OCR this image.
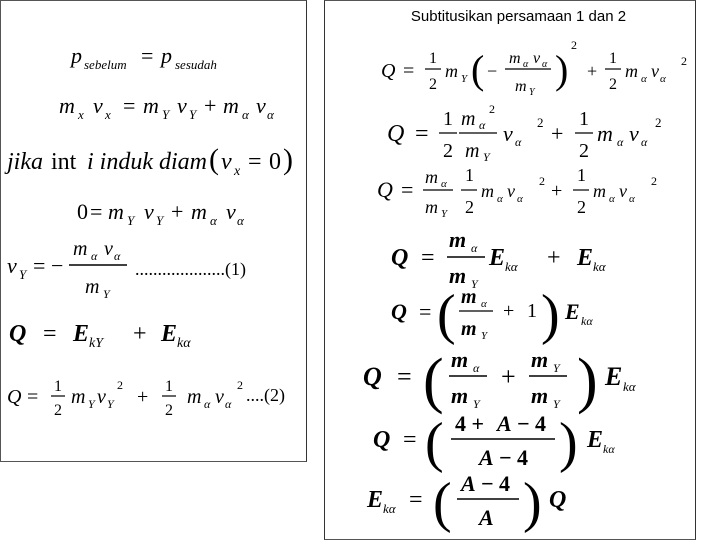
p sebelum = p sesudah
m x v x = m Y v Y + m α v α
jika int i induk diam ( v x = 0 )
0 = m Y v Y + m α v α
v Y = −
m α v α
m Y
....................(1)
Q = E kY + E kα
Q = 1
2
m Y v Y
2
+ 1
2
m α v α
2 ....(2)
Q =
1
2
m Y ( −
m α v α
m Y
)
2
+
1
2
m α v α
2
Q =
1
2
m α
2
m Y
v α
2 +
1
2
m α v α
2
Q = m α
m Y
1
2
m α v α
2 +
1
2
m α v α
2
Q =
m α
m Y
E kα + E kα
Q = ( m α
m Y
+ 1 ) E kα
Q = ( m α
m Y
+
m Y
m Y ) E kα
Q = ( 4 + A − 4
A − 4 ) E kα
E kα = ( A − 4
A ) Q
Subtitusikan persamaan 1 dan 2
